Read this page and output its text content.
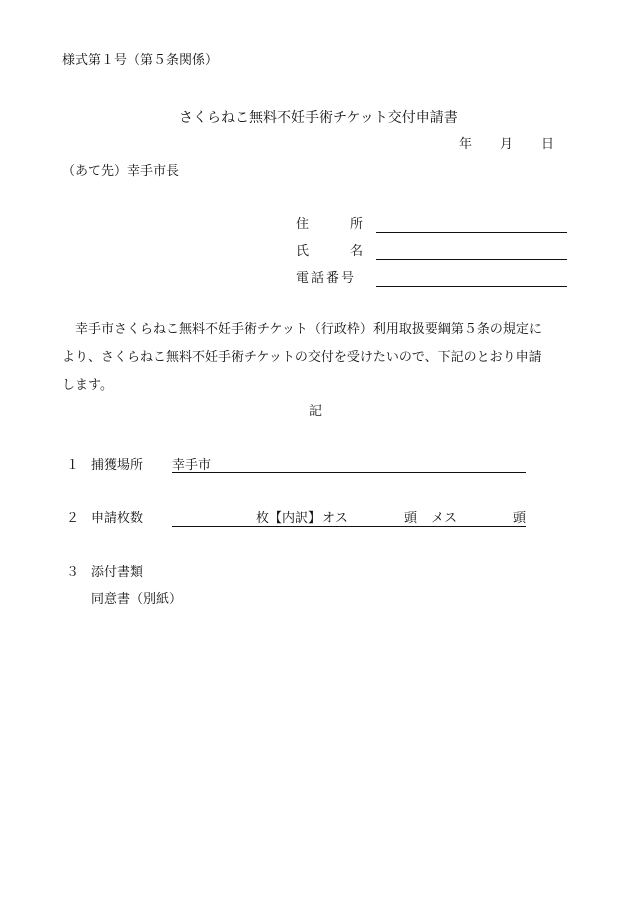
様式第１号（第５条関係）
さくらねこ無料不妊手術チケット交付申請書
年 月 日
（あて先）幸手市長
住	所
氏	名
電話番号
　幸手市さくらねこ無料不妊手術チケット（行政枠）利用取扱要綱第５条の規定に
より、さくらねこ無料不妊手術チケットの交付を受けたいので、下記のとおり申請
します。
記
１ 捕獲場所 幸手市
２ 申請枚数	枚 【内訳】 オス	頭 メス	頭
３ 添付書類
同意書（別紙）
